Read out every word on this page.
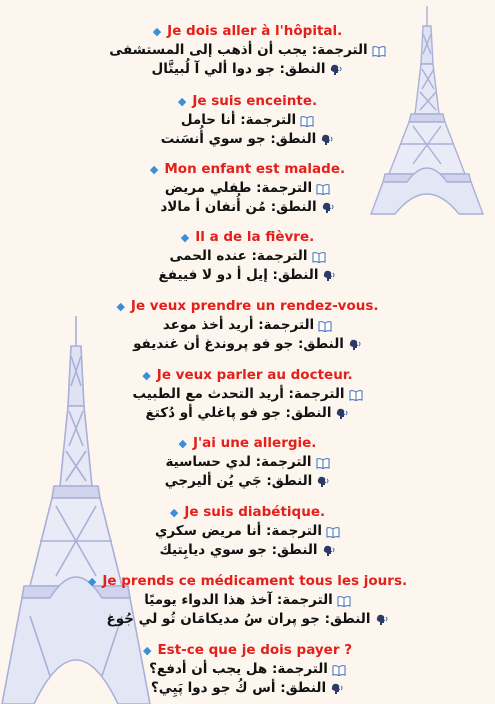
◆ Je dois aller à l'hôpital.
الترجمة: يجب أن أذهب إلى المستشفى
النطق: جو دوا ألي آ لُبيتَّال
◆ Je suis enceinte.
الترجمة: أنا حامل
النطق: جو سوي أُنسَنت
◆ Mon enfant est malade.
الترجمة: طفلي مريض
النطق: مُن أُنفان أ مالاد
◆ Il a de la fièvre.
الترجمة: عنده الحمى
النطق: إيل أ دو لا فييفغ
◆ Je veux prendre un rendez-vous.
الترجمة: أريد أخذ موعد
النطق: جو فو پروندغ أن غنديفو
◆ Je veux parler au docteur.
الترجمة: أريد التحدث مع الطبيب
النطق: جو فو پاغلي أو دُكتغ
◆ J'ai une allergie.
الترجمة: لدي حساسية
النطق: جَي يُن أليرجي
◆ Je suis diabétique.
الترجمة: أنا مريض سكري
النطق: جو سوي ديابِتيك
◆ Je prends ce médicament tous les jours.
الترجمة: آخذ هذا الدواء يوميًا
النطق: جو پران سُ مديكامَان تُو لي جُوغ
◆ Est-ce que je dois payer ?
الترجمة: هل يجب أن أدفع؟
النطق: أس كُ جو دوا پَيِي؟
